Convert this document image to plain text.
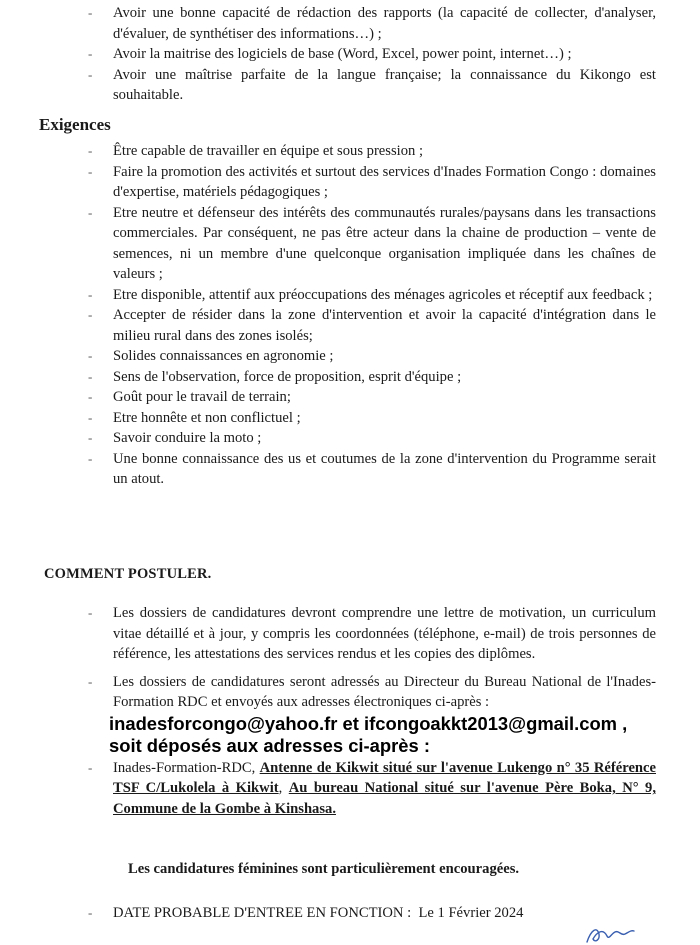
- Avoir une bonne capacité de rédaction des rapports (la capacité de collecter, d'analyser, d'évaluer, de synthétiser des informations…) ;
- Avoir la maitrise des logiciels de base (Word, Excel, power point, internet…) ;
- Avoir une maîtrise parfaite de la langue française; la connaissance du Kikongo est souhaitable.
Exigences
- Être capable de travailler en équipe et sous pression ;
- Faire la promotion des activités et surtout des services d'Inades Formation Congo : domaines d'expertise, matériels pédagogiques ;
- Etre neutre et défenseur des intérêts des communautés rurales/paysans dans les transactions commerciales. Par conséquent, ne pas être acteur dans la chaine de production – vente de semences, ni un membre d'une quelconque organisation impliquée dans les chaînes de valeurs ;
- Etre disponible, attentif aux préoccupations des ménages agricoles et réceptif aux feedback ;
- Accepter de résider dans la zone d'intervention et avoir la capacité d'intégration dans le milieu rural dans des zones isolés;
- Solides connaissances en agronomie ;
- Sens de l'observation, force de proposition, esprit d'équipe ;
- Goût pour le travail de terrain;
- Etre honnête et non conflictuel ;
- Savoir conduire la moto ;
- Une bonne connaissance des us et coutumes de la zone d'intervention du Programme serait un atout.
COMMENT POSTULER.
- Les dossiers de candidatures devront comprendre une lettre de motivation, un curriculum vitae détaillé et à jour, y compris les coordonnées (téléphone, e-mail) de trois personnes de référence, les attestations des services rendus et les copies des diplômes.
- Les dossiers de candidatures seront adressés au Directeur du Bureau National de l'Inades-Formation RDC et envoyés aux adresses électroniques ci-après :
inadesforcongo@yahoo.fr et ifcongoakkt2013@gmail.com ,
soit déposés aux adresses ci-après :
- Inades-Formation-RDC, Antenne de Kikwit situé sur l'avenue Lukengo n° 35 Référence TSF C/Lukolela à Kikwit, Au bureau National situé sur l'avenue Père Boka, N° 9, Commune de la Gombe à Kinshasa.

Les candidatures féminines sont particulièrement encouragées.

- DATE PROBABLE D'ENTREE EN FONCTION : Le 1 Février 2024
